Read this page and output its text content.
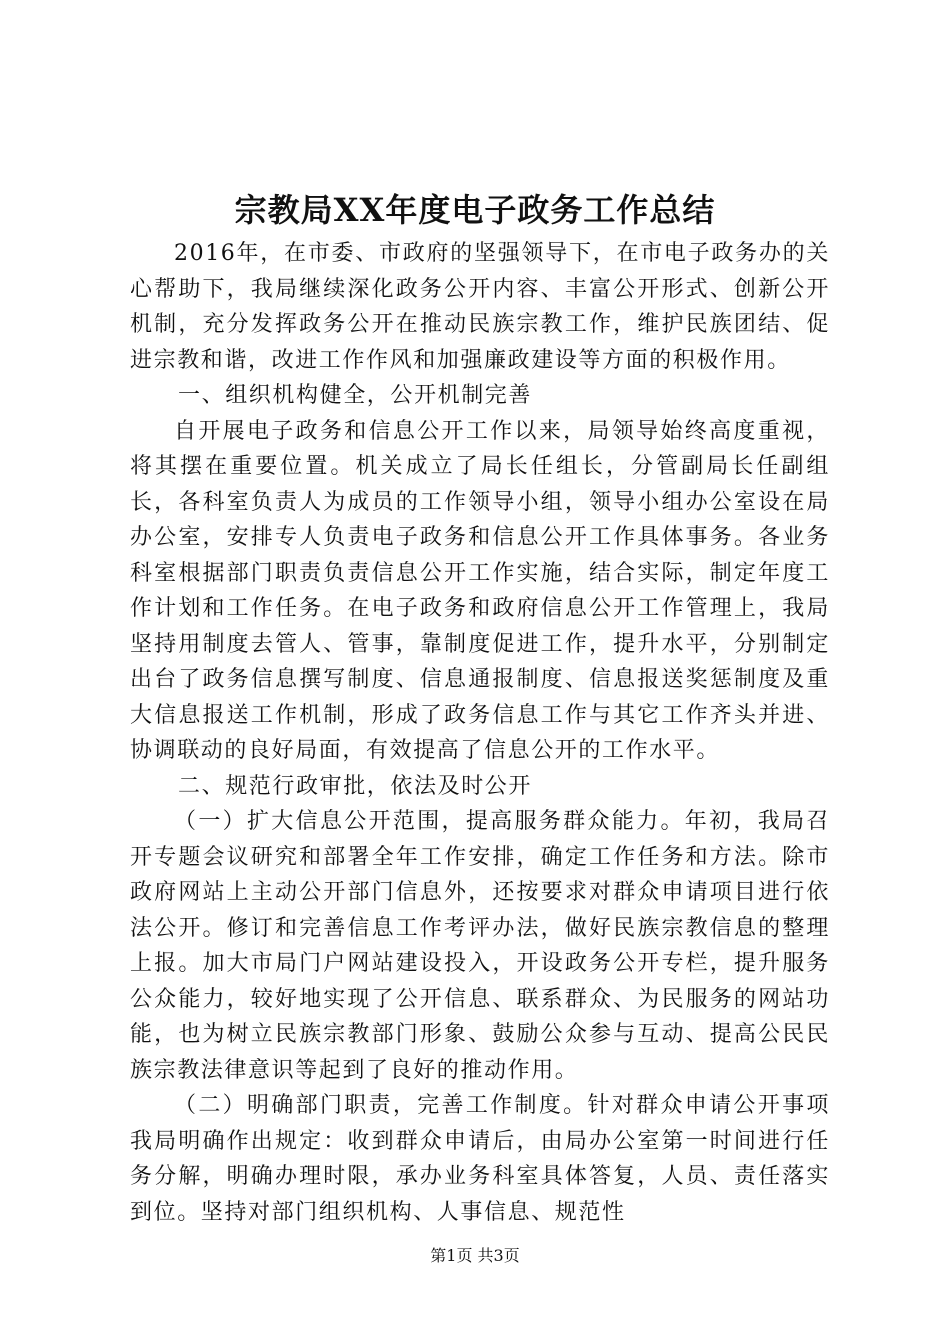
宗教局XX年度电子政务工作总结

2016年，在市委、市政府的坚强领导下，在市电子政务办的关心帮助下，我局继续深化政务公开内容、丰富公开形式、创新公开机制，充分发挥政务公开在推动民族宗教工作，维护民族团结、促进宗教和谐，改进工作作风和加强廉政建设等方面的积极作用。

一、组织机构健全，公开机制完善

自开展电子政务和信息公开工作以来，局领导始终高度重视，将其摆在重要位置。机关成立了局长任组长，分管副局长任副组长，各科室负责人为成员的工作领导小组，领导小组办公室设在局办公室，安排专人负责电子政务和信息公开工作具体事务。各业务科室根据部门职责负责信息公开工作实施，结合实际，制定年度工作计划和工作任务。在电子政务和政府信息公开工作管理上，我局坚持用制度去管人、管事，靠制度促进工作，提升水平，分别制定出台了政务信息撰写制度、信息通报制度、信息报送奖惩制度及重大信息报送工作机制，形成了政务信息工作与其它工作齐头并进、协调联动的良好局面，有效提高了信息公开的工作水平。

二、规范行政审批，依法及时公开

（一）扩大信息公开范围，提高服务群众能力。年初，我局召开专题会议研究和部署全年工作安排，确定工作任务和方法。除市政府网站上主动公开部门信息外，还按要求对群众申请项目进行依法公开。修订和完善信息工作考评办法，做好民族宗教信息的整理上报。加大市局门户网站建设投入，开设政务公开专栏，提升服务公众能力，较好地实现了公开信息、联系群众、为民服务的网站功能，也为树立民族宗教部门形象、鼓励公众参与互动、提高公民民族宗教法律意识等起到了良好的推动作用。

（二）明确部门职责，完善工作制度。针对群众申请公开事项我局明确作出规定：收到群众申请后，由局办公室第一时间进行任务分解，明确办理时限，承办业务科室具体答复，人员、责任落实到位。坚持对部门组织机构、人事信息、规范性

第1页 共3页
